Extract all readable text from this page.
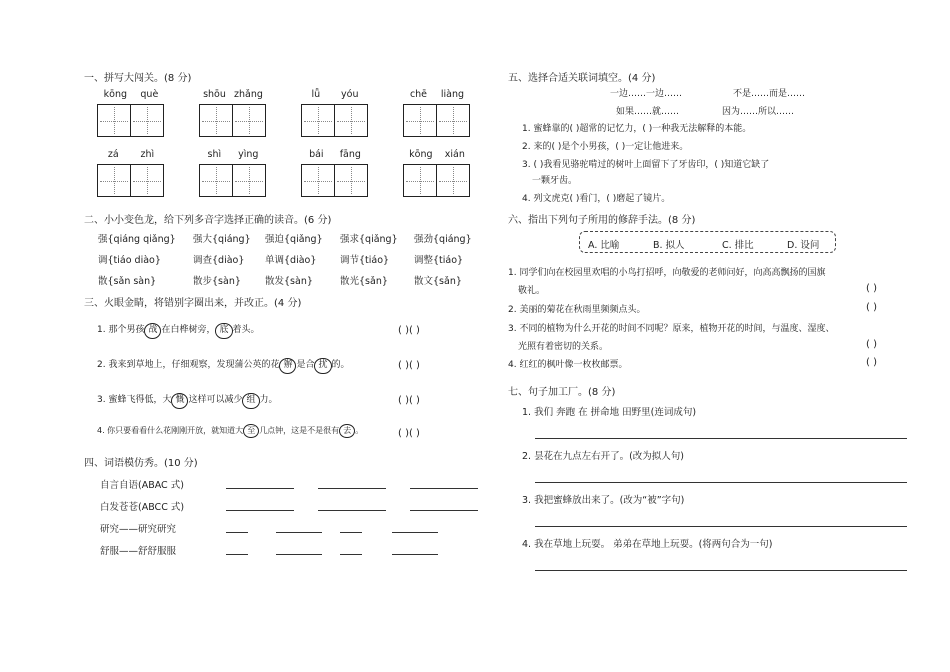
一、拼写大闯关。(8 分)
kōng què	shōu zhǎng	lǚ yóu	chē liàng
zá zhì	shì yìng	bái fāng	kōng xián
二、小小变色龙，给下列多音字选择正确的读音。(6 分)
强{qiáng qiǎng} 强大{qiáng} 强迫{qiǎng} 强求{qiǎng} 强劲{qiáng}
调{tiáo diào}	调查{diào} 单调{diào} 调节{tiáo}	调整{tiáo}
散{sǎn sàn}	散步{sàn}	散发{sàn}	散光{sǎn}	散文{sǎn}
三、火眼金睛，将错别字圈出来，并改正。(4 分)
1. 那个男孩 战 在白桦树旁， 底 着头。
2. 我来到草地上，仔细观察，发现蒲公英的花 辦 是合 扰 的。
3. 蜜蜂飞得低，大 慨 这样可以减少 组 力。
4. 你只要看看什么花刚刚开放，就知道大 至 几点钟，这是不是很有 去 。
( )( )
( )( )
( )( )
( )( )
四、词语模仿秀。(10 分)
自言自语(ABAC 式)
白发苍苍(ABCC 式)
研究——研究研究
舒服——舒舒服服
五、选择合适关联词填空。(4 分)
一边……一边……	不是……而是……
如果……就……	因为……所以……
1. 蜜蜂靠的( )超常的记忆力，( )一种我无法解释的本能。
2. 来的( )是个小男孩，( )一定让他进来。
3. ( )我看见骆驼啃过的树叶上面留下了牙齿印，( )知道它缺了
一颗牙齿。
4. 列文虎克( )看门，( )磨起了镜片。
六、指出下列句子所用的修辞手法。(8 分)
A. 比喻	B. 拟人	C. 排比	D. 设问
1. 同学们向在校园里欢唱的小鸟打招呼，向敬爱的老师问好，向高高飘扬的国旗
敬礼。	( )
2. 美丽的菊花在秋雨里频频点头。	( )
3. 不同的植物为什么开花的时间不同呢？原来，植物开花的时间，与温度、湿度、
光照有着密切的关系。	( )
4. 红红的枫叶像一枚枚邮票。	( )
七、句子加工厂。(8 分)
1. 我们 奔跑 在 拼命地 田野里(连词成句)
2. 昙花在九点左右开了。(改为拟人句)
3. 我把蜜蜂放出来了。(改为“被”字句)
4. 我在草地上玩耍。 弟弟在草地上玩耍。(将两句合为一句)
